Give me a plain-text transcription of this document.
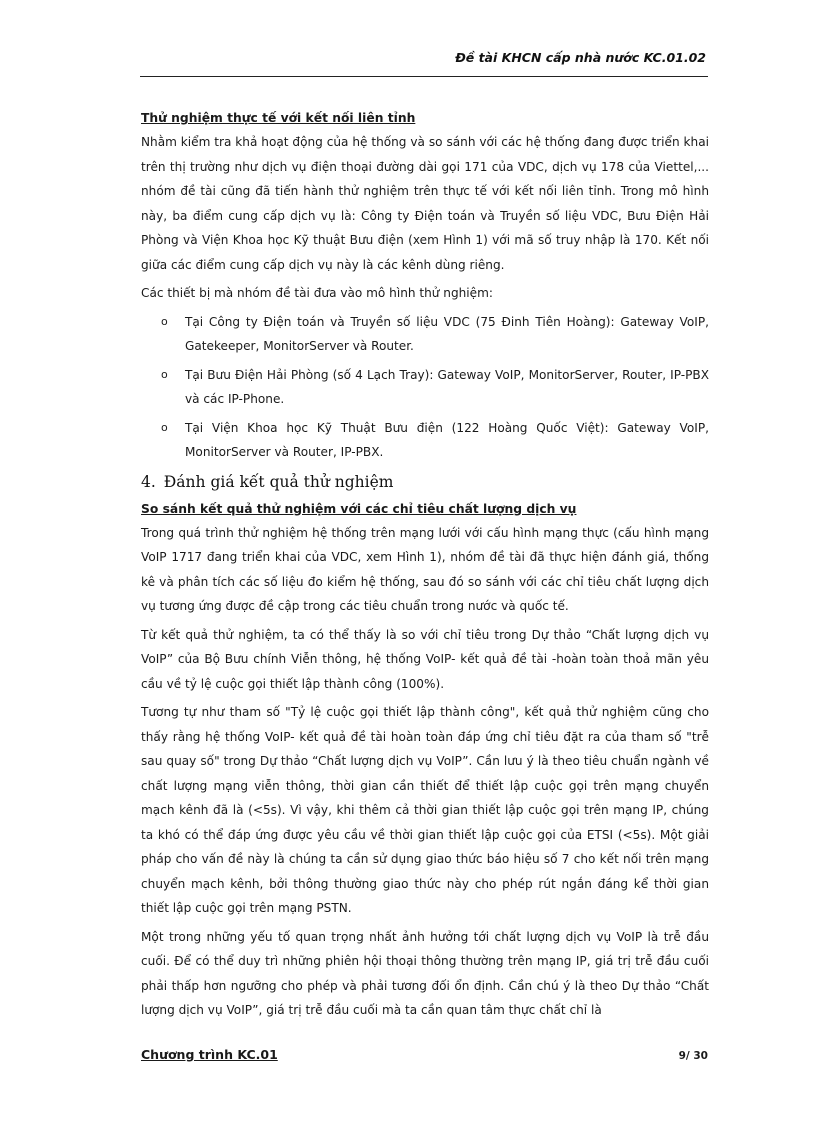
Đề tài KHCN cấp nhà nước KC.01.02

Thử nghiệm thực tế với kết nối liên tỉnh

Nhằm kiểm tra khả hoạt động của hệ thống và so sánh với các hệ thống đang được triển khai trên thị trường như dịch vụ điện thoại đường dài gọi 171 của VDC, dịch vụ 178 của Viettel,... nhóm đề tài cũng đã tiến hành thử nghiệm trên thực tế với kết nối liên tỉnh. Trong mô hình này, ba điểm cung cấp dịch vụ là: Công ty Điện toán và Truyền số liệu VDC, Bưu Điện Hải Phòng và Viện Khoa học Kỹ thuật Bưu điện (xem Hình 1) với mã số truy nhập là 170. Kết nối giữa các điểm cung cấp dịch vụ này là các kênh dùng riêng.

Các thiết bị mà nhóm đề tài đưa vào mô hình thử nghiệm:

o Tại Công ty Điện toán và Truyền số liệu VDC (75 Đinh Tiên Hoàng): Gateway VoIP, Gatekeeper, MonitorServer và Router.
o Tại Bưu Điện Hải Phòng (số 4 Lạch Tray): Gateway VoIP, MonitorServer, Router, IP-PBX và các IP-Phone.
o Tại Viện Khoa học Kỹ Thuật Bưu điện (122 Hoàng Quốc Việt): Gateway VoIP, MonitorServer và Router, IP-PBX.
4. Đánh giá kết quả thử nghiệm

So sánh kết quả thử nghiệm với các chỉ tiêu chất lượng dịch vụ

Trong quá trình thử nghiệm hệ thống trên mạng lưới với cấu hình mạng thực (cấu hình mạng VoIP 1717 đang triển khai của VDC, xem Hình 1), nhóm đề tài đã thực hiện đánh giá, thống kê và phân tích các số liệu đo kiểm hệ thống, sau đó so sánh với các chỉ tiêu chất lượng dịch vụ tương ứng được đề cập trong các tiêu chuẩn trong nước và quốc tế.

Từ kết quả thử nghiệm, ta có thể thấy là so với chỉ tiêu trong Dự thảo “Chất lượng dịch vụ VoIP” của Bộ Bưu chính Viễn thông, hệ thống VoIP- kết quả đề tài -hoàn toàn thoả mãn yêu cầu về tỷ lệ cuộc gọi thiết lập thành công (100%).

Tương tự như tham số "Tỷ lệ cuộc gọi thiết lập thành công", kết quả thử nghiệm cũng cho thấy rằng hệ thống VoIP- kết quả đề tài hoàn toàn đáp ứng chỉ tiêu đặt ra của tham số "trễ sau quay số" trong Dự thảo “Chất lượng dịch vụ VoIP”. Cần lưu ý là theo tiêu chuẩn ngành về chất lượng mạng viễn thông, thời gian cần thiết để thiết lập cuộc gọi trên mạng chuyển mạch kênh đã là (<5s). Vì vậy, khi thêm cả thời gian thiết lập cuộc gọi trên mạng IP, chúng ta khó có thể đáp ứng được yêu cầu về thời gian thiết lập cuộc gọi của ETSI (<5s). Một giải pháp cho vấn đề này là chúng ta cần sử dụng giao thức báo hiệu số 7 cho kết nối trên mạng chuyển mạch kênh, bởi thông thường giao thức này cho phép rút ngắn đáng kể thời gian thiết lập cuộc gọi trên mạng PSTN.

Một trong những yếu tố quan trọng nhất ảnh hưởng tới chất lượng dịch vụ VoIP là trễ đầu cuối. Để có thể duy trì những phiên hội thoại thông thường trên mạng IP, giá trị trễ đầu cuối phải thấp hơn ngưỡng cho phép và phải tương đối ổn định. Cần chú ý là theo Dự thảo “Chất lượng dịch vụ VoIP”, giá trị trễ đầu cuối mà ta cần quan tâm thực chất chỉ là

Chương trình KC.01	9/ 30
